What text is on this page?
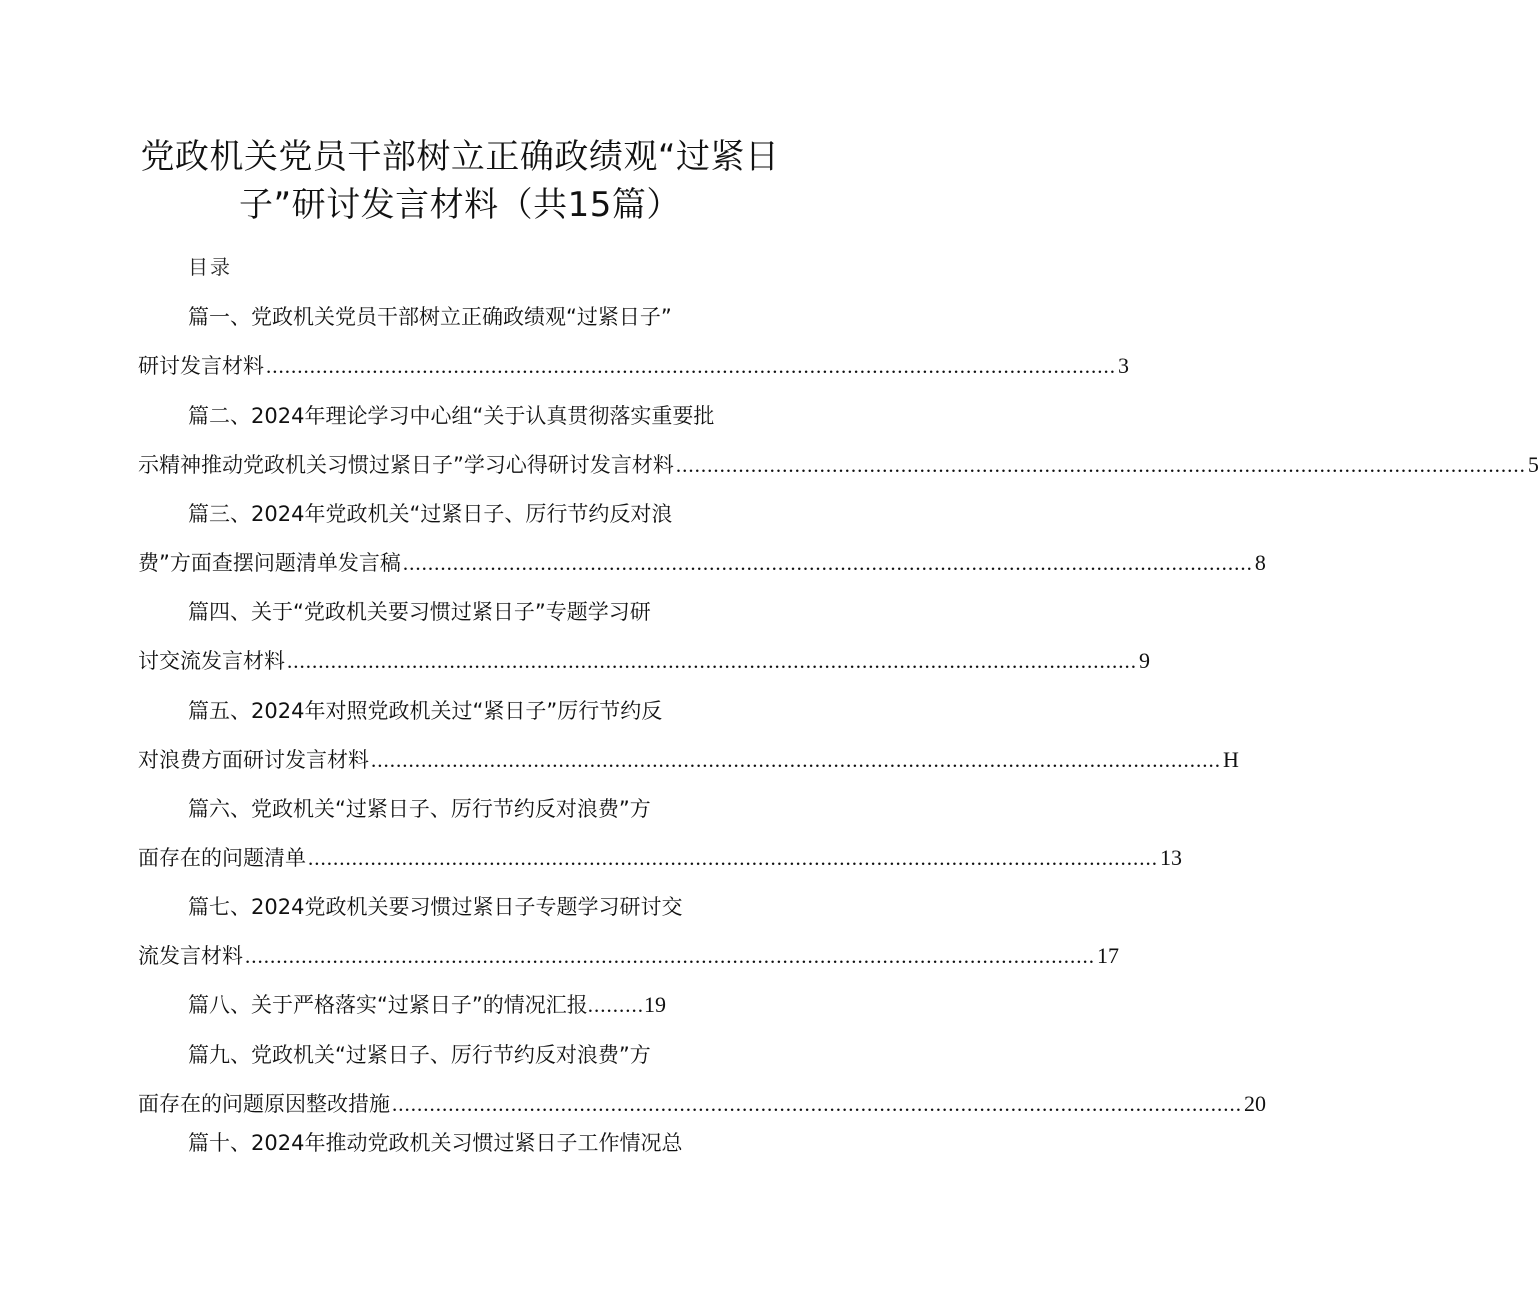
党政机关党员干部树立正确政绩观“过紧日
子”研讨发言材料（共15篇）
目录
篇一、党政机关党员干部树立正确政绩观“过紧日子”
研讨发言材料 ........................................................................................................................................ 3
篇二、2024年理论学习中心组“关于认真贯彻落实重要批
示精神推动党政机关习惯过紧日子”学习心得研讨发言材料 ........................................................................................................................................ 5
篇三、2024年党政机关“过紧日子、厉行节约反对浪
费”方面查摆问题清单发言稿 ........................................................................................................................................ 8
篇四、关于“党政机关要习惯过紧日子”专题学习研
讨交流发言材料 ........................................................................................................................................ 9
篇五、2024年对照党政机关过“紧日子”厉行节约反
对浪费方面研讨发言材料 ........................................................................................................................................ H
篇六、党政机关“过紧日子、厉行节约反对浪费”方
面存在的问题清单 ........................................................................................................................................ 13
篇七、2024党政机关要习惯过紧日子专题学习研讨交
流发言材料 ........................................................................................................................................ 17
篇八、关于严格落实“过紧日子”的情况汇报.........19
篇九、党政机关“过紧日子、厉行节约反对浪费”方
面存在的问题原因整改措施 ........................................................................................................................................ 20
篇十、2024年推动党政机关习惯过紧日子工作情况总
